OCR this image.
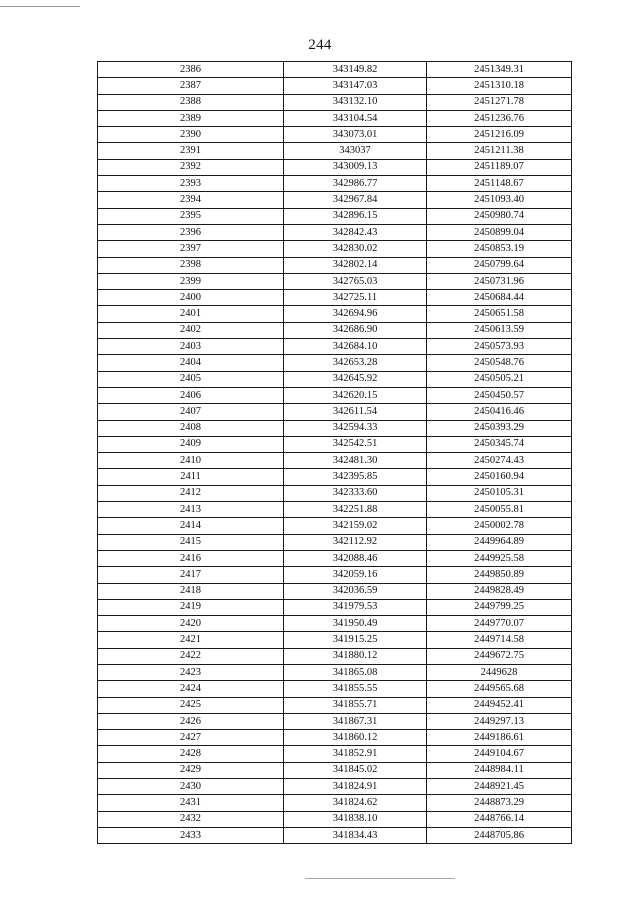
244
2386	343149.82	2451349.31
2387	343147.03	2451310.18
2388	343132.10	2451271.78
2389	343104.54	2451236.76
2390	343073.01	2451216.09
2391	343037	2451211.38
2392	343009.13	2451189.07
2393	342986.77	2451148.67
2394	342967.84	2451093.40
2395	342896.15	2450980.74
2396	342842.43	2450899.04
2397	342830.02	2450853.19
2398	342802.14	2450799.64
2399	342765.03	2450731.96
2400	342725.11	2450684.44
2401	342694.96	2450651.58
2402	342686.90	2450613.59
2403	342684.10	2450573.93
2404	342653.28	2450548.76
2405	342645.92	2450505.21
2406	342620.15	2450450.57
2407	342611.54	2450416.46
2408	342594.33	2450393.29
2409	342542.51	2450345.74
2410	342481.30	2450274.43
2411	342395.85	2450160.94
2412	342333.60	2450105.31
2413	342251.88	2450055.81
2414	342159.02	2450002.78
2415	342112.92	2449964.89
2416	342088.46	2449925.58
2417	342059.16	2449850.89
2418	342036.59	2449828.49
2419	341979.53	2449799.25
2420	341950.49	2449770.07
2421	341915.25	2449714.58
2422	341880.12	2449672.75
2423	341865.08	2449628
2424	341855.55	2449565.68
2425	341855.71	2449452.41
2426	341867.31	2449297.13
2427	341860.12	2449186.61
2428	341852.91	2449104.67
2429	341845.02	2448984.11
2430	341824.91	2448921.45
2431	341824.62	2448873.29
2432	341838.10	2448766.14
2433	341834.43	2448705.86
